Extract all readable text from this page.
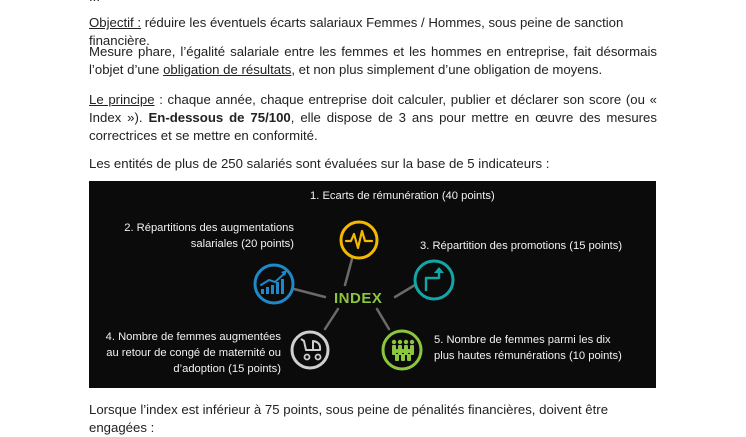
Objectif : réduire les éventuels écarts salariaux Femmes / Hommes, sous peine de sanction financière.

Mesure phare, l’égalité salariale entre les femmes et les hommes en entreprise, fait désormais l’objet d’une obligation de résultats, et non plus simplement d’une obligation de moyens.

Le principe : chaque année, chaque entreprise doit calculer, publier et déclarer son score (ou « Index »). En-dessous de 75/100, elle dispose de 3 ans pour mettre en œuvre des mesures correctrices et se mettre en conformité.

Les entités de plus de 250 salariés sont évaluées sur la base de 5 indicateurs :

INDEX
1. Ecarts de rémunération (40 points)
2. Répartitions des augmentations
salariales (20 points)	3. Répartition des promotions (15 points)
4. Nombre de femmes augmentées
au retour de congé de maternité ou
d’adoption (15 points)
5. Nombre de femmes parmi les dix
plus hautes rémunérations (10 points)

Lorsque l’index est inférieur à 75 points, sous peine de pénalités financières, doivent être engagées :
